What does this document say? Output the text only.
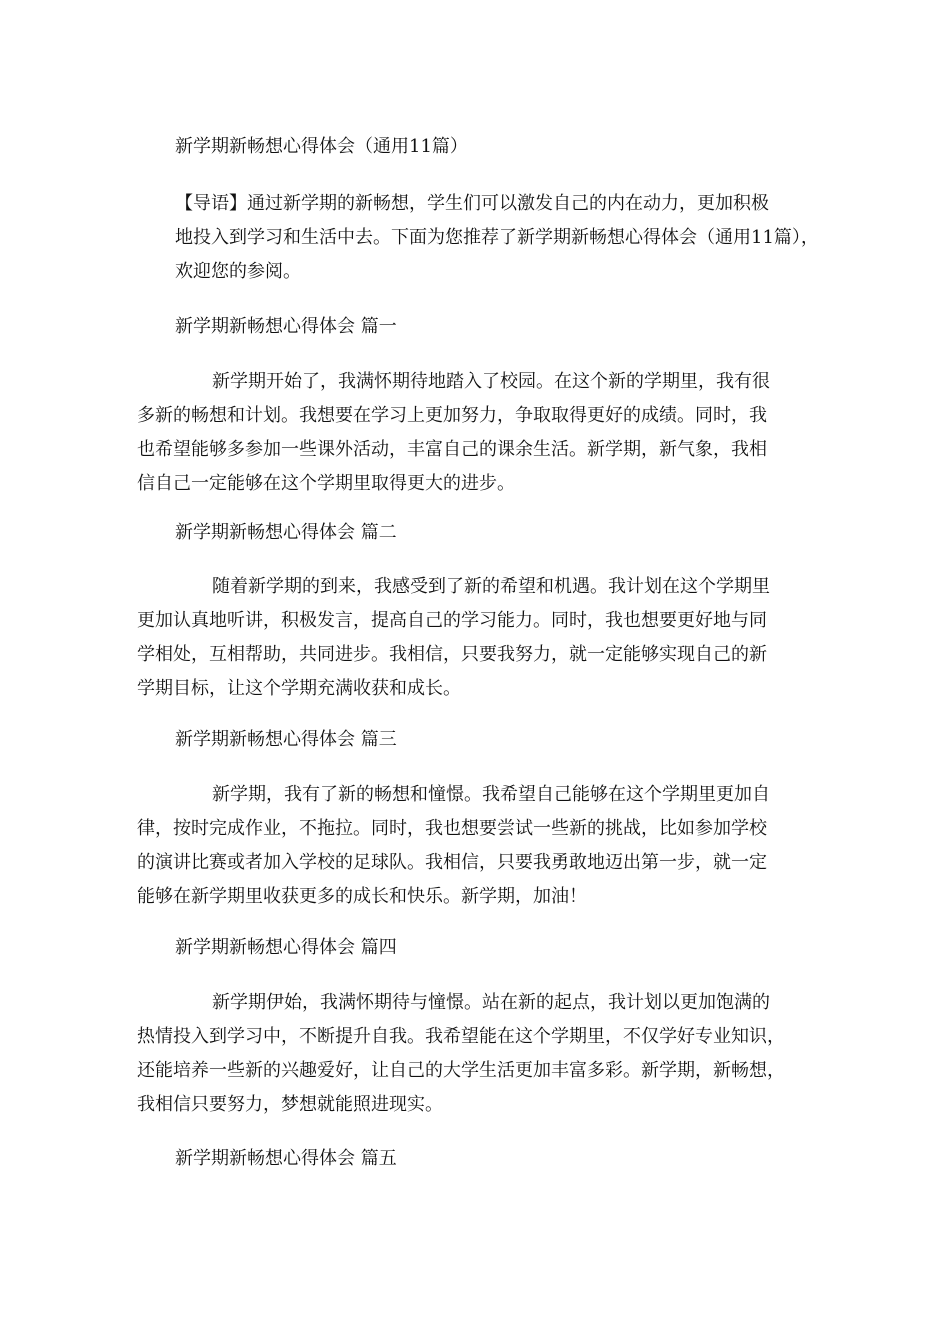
新学期新畅想心得体会（通用11篇）
【导语】通过新学期的新畅想，学生们可以激发自己的内在动力，更加积极
地投入到学习和生活中去。下面为您推荐了新学期新畅想心得体会（通用11篇），
欢迎您的参阅。
新学期新畅想心得体会 篇一
新学期开始了，我满怀期待地踏入了校园。在这个新的学期里，我有很
多新的畅想和计划。我想要在学习上更加努力，争取取得更好的成绩。同时，我
也希望能够多参加一些课外活动，丰富自己的课余生活。新学期，新气象，我相
信自己一定能够在这个学期里取得更大的进步。
新学期新畅想心得体会 篇二
随着新学期的到来，我感受到了新的希望和机遇。我计划在这个学期里
更加认真地听讲，积极发言，提高自己的学习能力。同时，我也想要更好地与同
学相处，互相帮助，共同进步。我相信，只要我努力，就一定能够实现自己的新
学期目标，让这个学期充满收获和成长。
新学期新畅想心得体会 篇三
新学期，我有了新的畅想和憧憬。我希望自己能够在这个学期里更加自
律，按时完成作业，不拖拉。同时，我也想要尝试一些新的挑战，比如参加学校
的演讲比赛或者加入学校的足球队。我相信，只要我勇敢地迈出第一步，就一定
能够在新学期里收获更多的成长和快乐。新学期，加油！
新学期新畅想心得体会 篇四
新学期伊始，我满怀期待与憧憬。站在新的起点，我计划以更加饱满的
热情投入到学习中，不断提升自我。我希望能在这个学期里，不仅学好专业知识，
还能培养一些新的兴趣爱好，让自己的大学生活更加丰富多彩。新学期，新畅想，
我相信只要努力，梦想就能照进现实。
新学期新畅想心得体会 篇五
